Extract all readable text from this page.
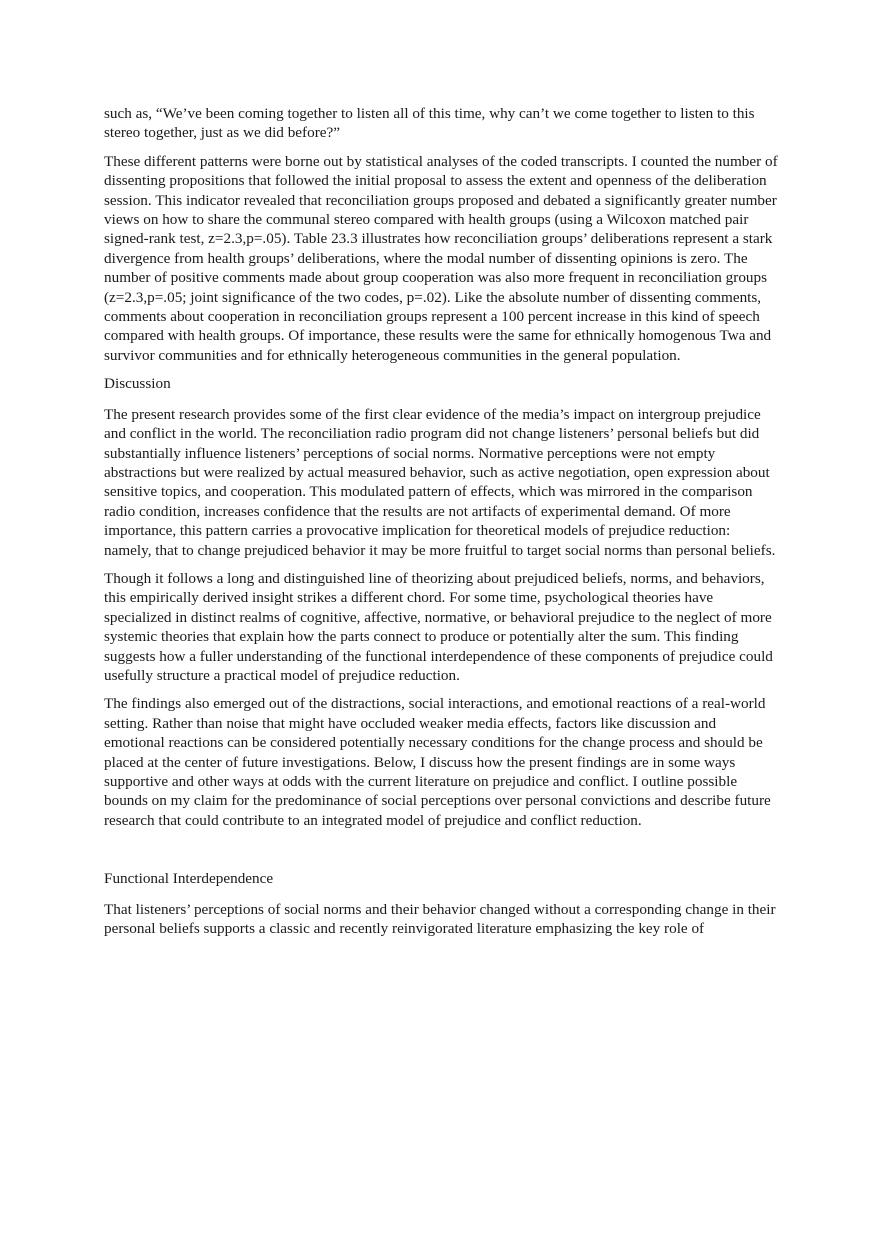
such as, “We’ve been coming together to listen all of this time, why can’t we come together to listen to this stereo together, just as we did before?”

These different patterns were borne out by statistical analyses of the coded transcripts. I counted the number of dissenting propositions that followed the initial proposal to assess the extent and openness of the deliberation session. This indicator revealed that reconciliation groups proposed and debated a significantly greater number views on how to share the communal stereo compared with health groups (using a Wilcoxon matched pair signed-rank test, z=2.3,p=.05). Table 23.3 illustrates how reconciliation groups’ deliberations represent a stark divergence from health groups’ deliberations, where the modal number of dissenting opinions is zero. The number of positive comments made about group cooperation was also more frequent in reconciliation groups (z=2.3,p=.05; joint significance of the two codes, p=.02). Like the absolute number of dissenting comments, comments about cooperation in reconciliation groups represent a 100 percent increase in this kind of speech compared with health groups. Of importance, these results were the same for ethnically homogenous Twa and survivor communities and for ethnically heterogeneous communities in the general population.

Discussion

The present research provides some of the first clear evidence of the media’s impact on intergroup prejudice and conflict in the world. The reconciliation radio program did not change listeners’ personal beliefs but did substantially influence listeners’ perceptions of social norms. Normative perceptions were not empty abstractions but were realized by actual measured behavior, such as active negotiation, open expression about sensitive topics, and cooperation. This modulated pattern of effects, which was mirrored in the comparison radio condition, increases confidence that the results are not artifacts of experimental demand. Of more importance, this pattern carries a provocative implication for theoretical models of prejudice reduction: namely, that to change prejudiced behavior it may be more fruitful to target social norms than personal beliefs.

Though it follows a long and distinguished line of theorizing about prejudiced beliefs, norms, and behaviors, this empirically derived insight strikes a different chord. For some time, psychological theories have specialized in distinct realms of cognitive, affective, normative, or behavioral prejudice to the neglect of more systemic theories that explain how the parts connect to produce or potentially alter the sum. This finding suggests how a fuller understanding of the functional interdependence of these components of prejudice could usefully structure a practical model of prejudice reduction.

The findings also emerged out of the distractions, social interactions, and emotional reactions of a real-world setting. Rather than noise that might have occluded weaker media effects, factors like discussion and emotional reactions can be considered potentially necessary conditions for the change process and should be placed at the center of future investigations. Below, I discuss how the present findings are in some ways supportive and other ways at odds with the current literature on prejudice and conflict. I outline possible bounds on my claim for the predominance of social perceptions over personal convictions and describe future research that could contribute to an integrated model of prejudice and conflict reduction.

Functional Interdependence

That listeners’ perceptions of social norms and their behavior changed without a corresponding change in their personal beliefs supports a classic and recently reinvigorated literature emphasizing the key role of
